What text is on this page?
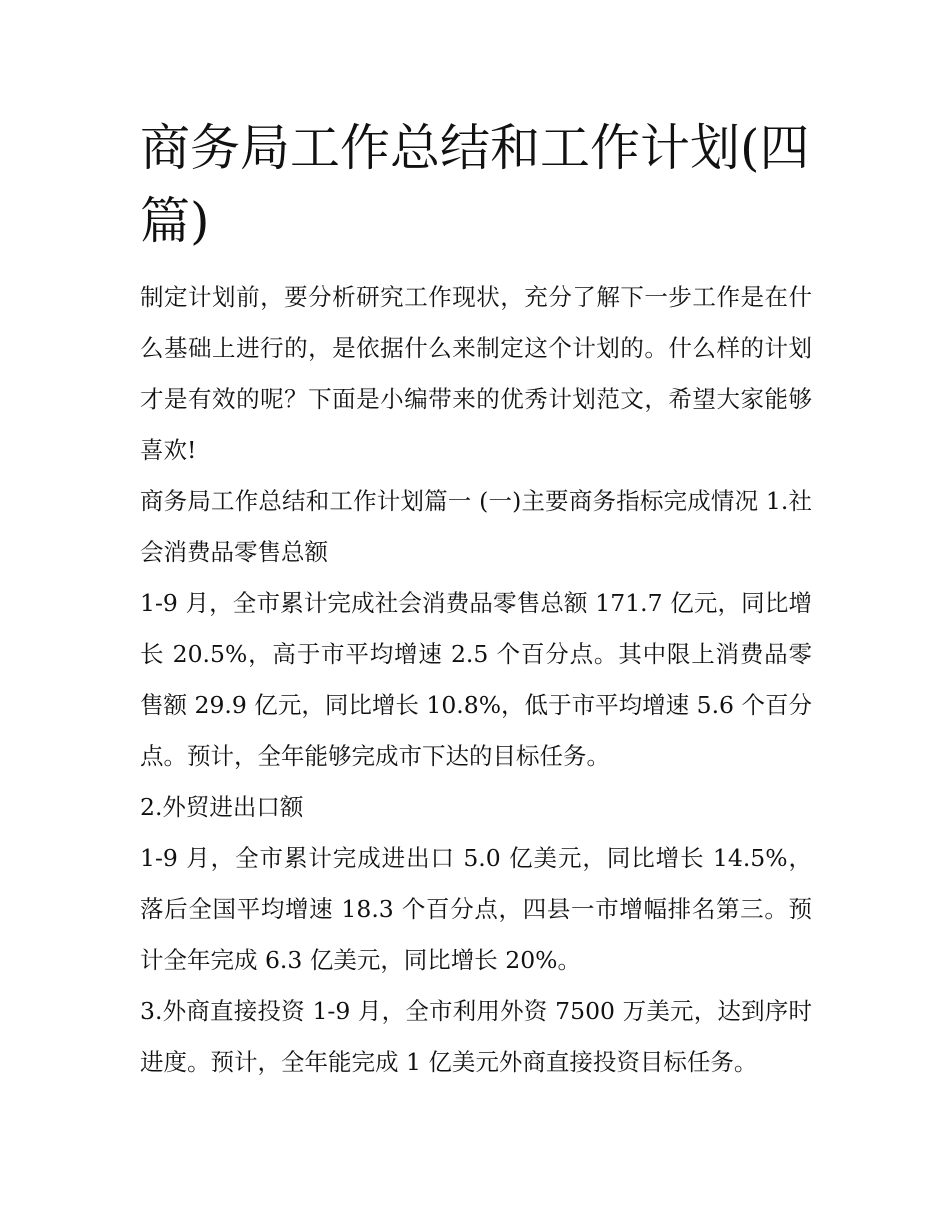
商务局工作总结和工作计划(四篇)

制定计划前，要分析研究工作现状，充分了解下一步工作是在什么基础上进行的，是依据什么来制定这个计划的。什么样的计划才是有效的呢？下面是小编带来的优秀计划范文，希望大家能够喜欢!

商务局工作总结和工作计划篇一 (一)主要商务指标完成情况 1.社会消费品零售总额

1-9 月，全市累计完成社会消费品零售总额 171.7 亿元，同比增长 20.5%，高于市平均增速 2.5 个百分点。其中限上消费品零售额 29.9 亿元，同比增长 10.8%，低于市平均增速 5.6 个百分点。预计，全年能够完成市下达的目标任务。

2.外贸进出口额

1-9 月，全市累计完成进出口 5.0 亿美元，同比增长 14.5%，落后全国平均增速 18.3 个百分点，四县一市增幅排名第三。预计全年完成 6.3 亿美元，同比增长 20%。

3.外商直接投资 1-9 月，全市利用外资 7500 万美元，达到序时进度。预计，全年能完成 1 亿美元外商直接投资目标任务。
